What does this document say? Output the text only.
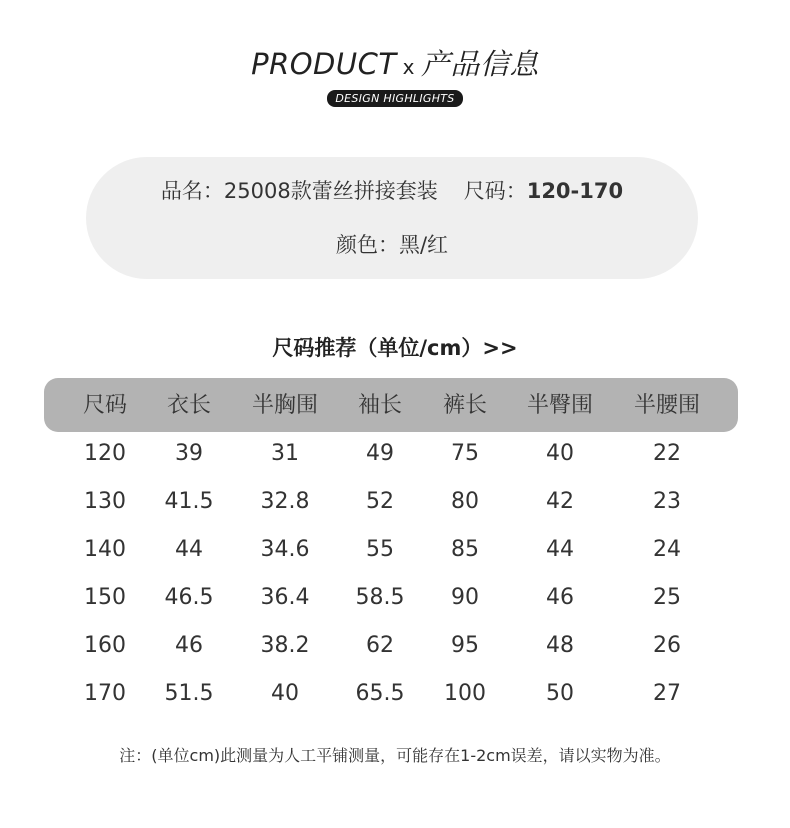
PRODUCT x 产品信息
DESIGN HIGHLIGHTS
品名：25008款蕾丝拼接套装 尺码：120-170
颜色：黑/红
尺码推荐（单位/cm）>>
尺码	衣长	半胸围	袖长	裤长	半臀围	半腰围
120	39	31	49	75	40	22
130	41.5	32.8	52	80	42	23
140	44	34.6	55	85	44	24
150	46.5	36.4	58.5	90	46	25
160	46	38.2	62	95	48	26
170	51.5	40	65.5	100	50	27
注：(单位cm)此测量为人工平铺测量，可能存在1-2cm误差，请以实物为准。
